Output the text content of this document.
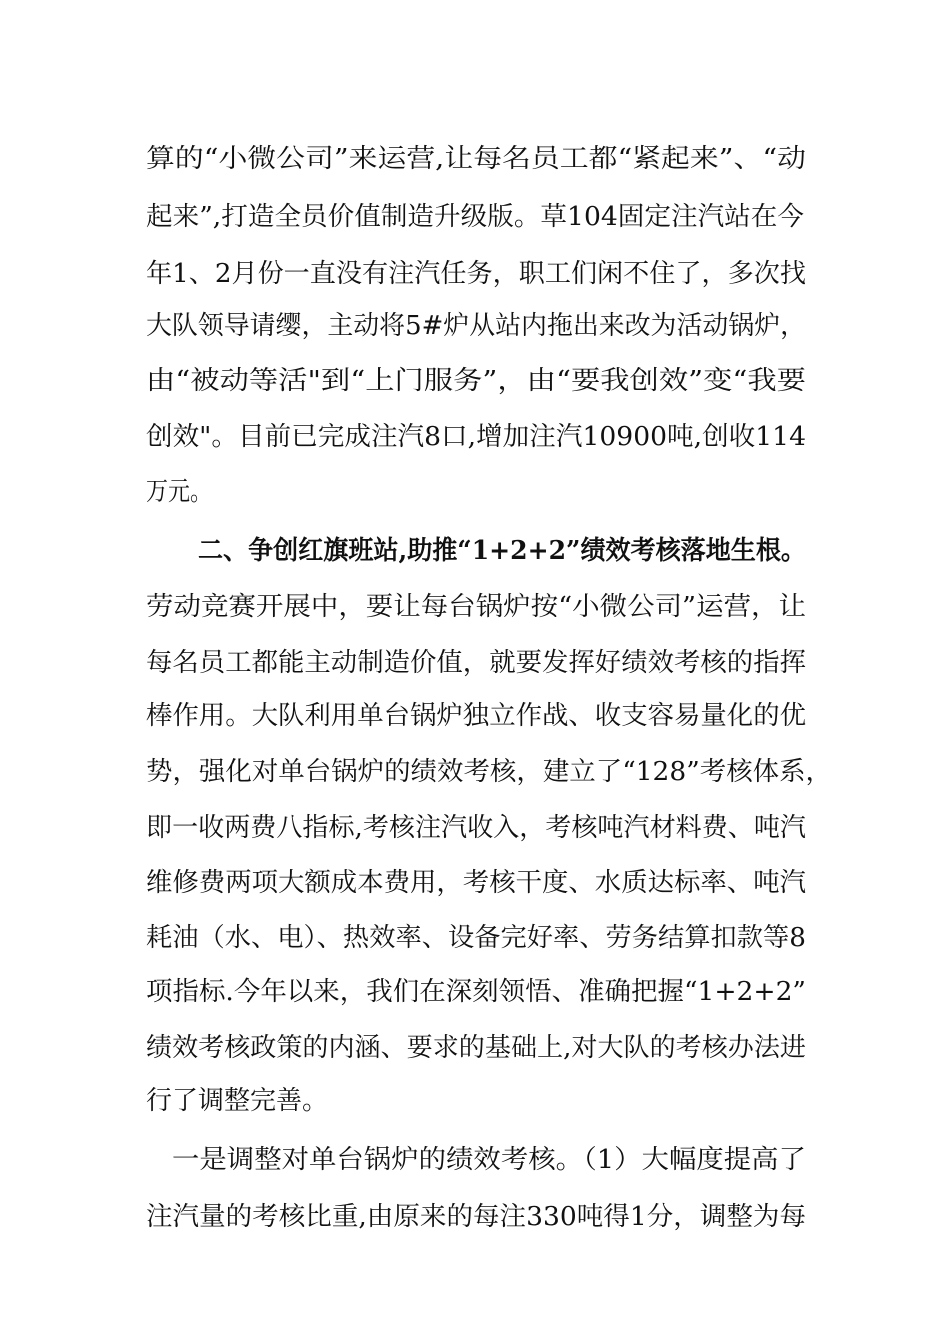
算的“小微公司”来运营,让每名员工都“紧起来”、“动
起来”,打造全员价值制造升级版。草104固定注汽站在今
年1、2月份一直没有注汽任务，职工们闲不住了，多次找
大队领导请缨，主动将5#炉从站内拖出来改为活动锅炉，
由“被动等活"到“上门服务”，由“要我创效”变“我要
创效"。目前已完成注汽8口,增加注汽10900吨,创收114
万元。
二、争创红旗班站,助推“1+2+2”绩效考核落地生根。
劳动竞赛开展中，要让每台锅炉按“小微公司”运营，让
每名员工都能主动制造价值，就要发挥好绩效考核的指挥
棒作用。大队利用单台锅炉独立作战、收支容易量化的优
势，强化对单台锅炉的绩效考核，建立了“128”考核体系，
即一收两费八指标,考核注汽收入，考核吨汽材料费、吨汽
维修费两项大额成本费用，考核干度、水质达标率、吨汽
耗油（水、电）、热效率、设备完好率、劳务结算扣款等8
项指标.今年以来，我们在深刻领悟、准确把握“1+2+2”
绩效考核政策的内涵、要求的基础上,对大队的考核办法进
行了调整完善。
一是调整对单台锅炉的绩效考核。（1）大幅度提高了
注汽量的考核比重,由原来的每注330吨得1分，调整为每
